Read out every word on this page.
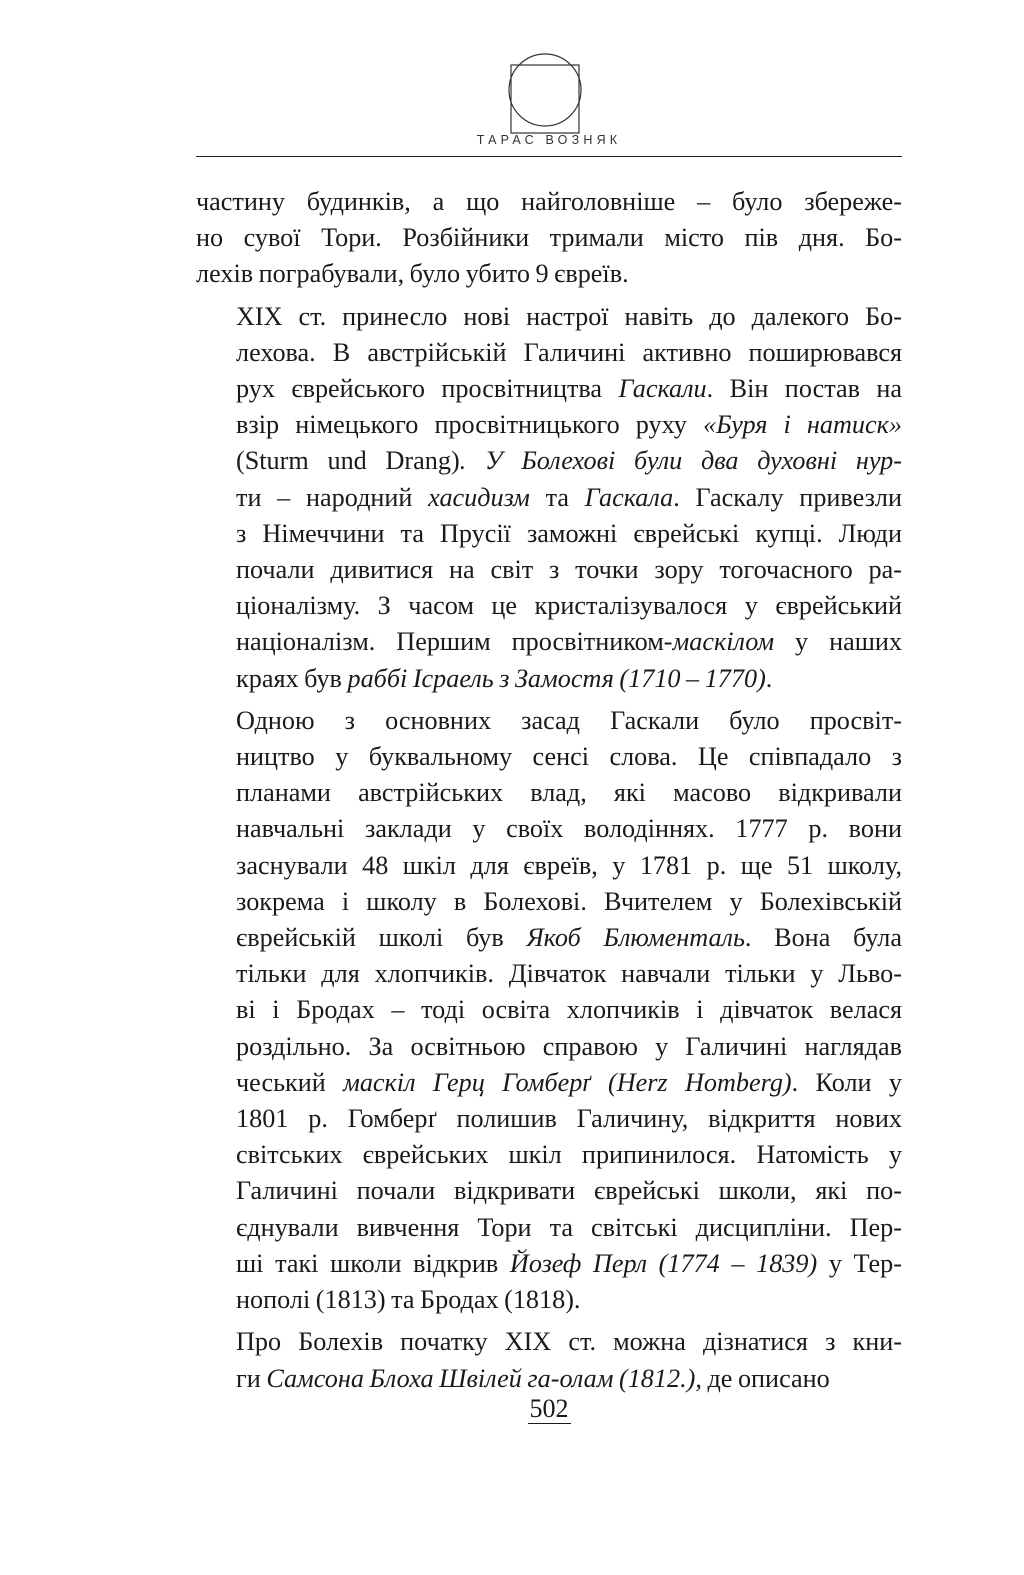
ТАРАС ВОЗНЯК

частину будинків, а що найголовніше – було збереже-
но сувої Тори. Розбійники тримали місто пів дня. Бо-
лехів пограбували, було убито 9 євреїв.

XIX ст. принесло нові настрої навіть до далекого Бо-
лехова. В австрійській Галичині активно поширювався
рух єврейського просвітництва Гаскали. Він постав на
взір німецького просвітницького руху «Буря і натиск»
(Sturm und Drang). У Болехові були два духовні нур-
ти – народний хасидизм та Гаскала. Гаскалу привезли
з Німеччини та Прусії заможні єврейські купці. Люди
почали дивитися на світ з точки зору тогочасного ра-
ціоналізму. З часом це кристалізувалося у єврейський
націоналізм. Першим просвітником-маскілом у наших
краях був раббі Ісраель з Замостя (1710 – 1770).

Одною з основних засад Гаскали було просвіт-
ництво у буквальному сенсі слова. Це співпадало з
планами австрійських влад, які масово відкривали
навчальні заклади у своїх володіннях. 1777 р. вони
заснували 48 шкіл для євреїв, у 1781 р. ще 51 школу,
зокрема і школу в Болехові. Вчителем у Болехівській
єврейській школі був Якоб Блюменталь. Вона була
тільки для хлопчиків. Дівчаток навчали тільки у Льво-
ві і Бродах – тоді освіта хлопчиків і дівчаток велася
роздільно. За освітньою справою у Галичині наглядав
чеський маскіл Герц Гомберґ (Herz Homberg). Коли у
1801 р. Гомберґ полишив Галичину, відкриття нових
світських єврейських шкіл припинилося. Натомість у
Галичині почали відкривати єврейські школи, які по-
єднували вивчення Тори та світські дисципліни. Пер-
ші такі школи відкрив Йозеф Перл (1774 – 1839) у Тер-
нополі (1813) та Бродах (1818).

Про Болехів початку XIX ст. можна дізнатися з кни-
ги Самсона Блоха Швілей га-олам (1812.), де описано

502
